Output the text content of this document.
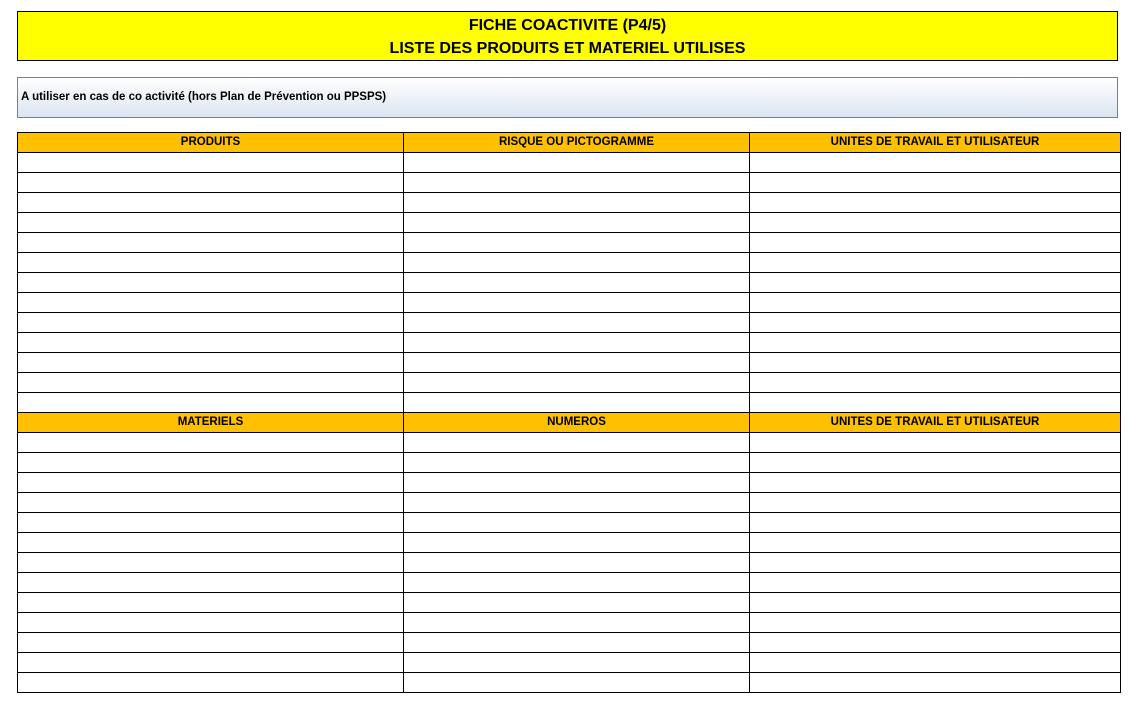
FICHE COACTIVITE (P4/5)
LISTE DES PRODUITS ET MATERIEL UTILISES
A utiliser en cas de co activité (hors Plan de Prévention ou PPSPS)
PRODUITS	RISQUE OU PICTOGRAMME	UNITES DE TRAVAIL ET UTILISATEUR

MATERIELS	NUMEROS	UNITES DE TRAVAIL ET UTILISATEUR
